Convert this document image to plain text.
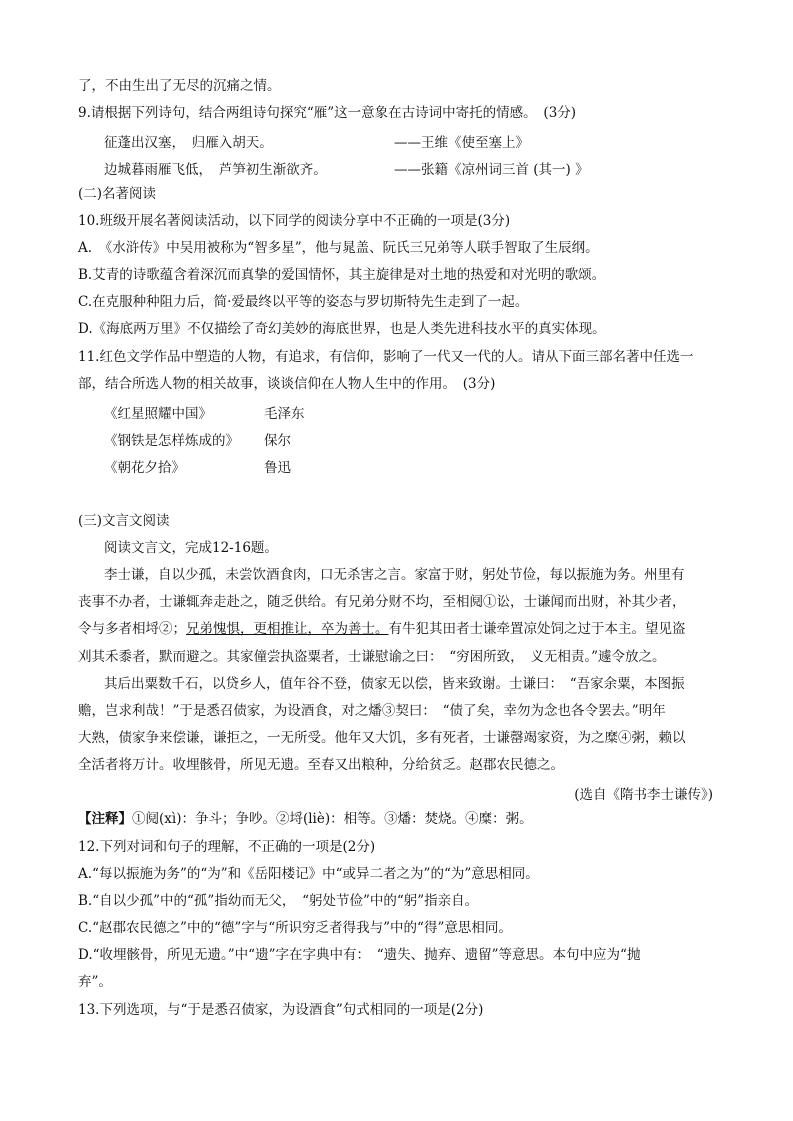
了，不由生出了无尽的沉痛之情。
9.请根据下列诗句，结合两组诗句探究“雁”这一意象在古诗词中寄托的情感。　(3分)
征蓬出汉塞，　归雁入胡天。	——王维《使至塞上》
边城暮雨雁飞低，　芦笋初生渐欲齐。	——张籍《凉州词三首 (其一) 》
(二)名著阅读
10.班级开展名著阅读活动，以下同学的阅读分享中不正确的一项是(3分)
A.　《水浒传》中吴用被称为“智多星”，他与晁盖、阮氏三兄弟等人联手智取了生辰纲。
B.艾青的诗歌蕴含着深沉而真挚的爱国情怀，其主旋律是对土地的热爱和对光明的歌颂。
C.在克服种种阻力后，简·爱最终以平等的姿态与罗切斯特先生走到了一起。
D.《海底两万里》不仅描绘了奇幻美妙的海底世界，也是人类先进科技水平的真实体现。
11.红色文学作品中塑造的人物，有追求，有信仰，影响了一代又一代的人。请从下面三部名著中任选一
部，结合所选人物的相关故事，谈谈信仰在人物人生中的作用。　(3分)
《红星照耀中国》	毛泽东
《钢铁是怎样炼成的》 保尔
《朝花夕拾》	鲁迅
(三)文言文阅读
阅读文言文，完成12-16题。
李士谦，自以少孤，未尝饮酒食肉，口无杀害之言。家富于财，躬处节俭，每以振施为务。州里有
丧事不办者，士谦辄奔走赴之，随乏供给。有兄弟分财不均，至相阋①讼，士谦闻而出财，补其少者，
令与多者相埒②；兄弟愧惧，更相推让，卒为善士。有牛犯其田者士谦牵置凉处饲之过于本主。望见盗
刈其禾黍者，默而避之。其家僮尝执盗粟者，士谦慰谕之曰：　“穷困所致，　义无相责。”遽令放之。
其后出粟数千石，以贷乡人，值年谷不登，债家无以偿，皆来致谢。士谦曰：　“吾家余粟，本图振
赡，岂求利哉！”于是悉召债家，为设酒食，对之燔③契曰：　“债了矣，幸勿为念也各令罢去。”明年
大熟，债家争来偿谦，谦拒之，一无所受。他年又大饥，多有死者，士谦罄竭家资，为之糜④粥，赖以
全活者将万计。收埋骸骨，所见无遗。至春又出粮种，分给贫乏。赵郡农民德之。
(选自《隋书李士谦传》)
【注释】①阋(xì)：争斗；争吵。②埒(liè)：相等。③燔：焚烧。④糜：粥。
12.下列对词和句子的理解，不正确的一项是(2分)
A.“每以振施为务”的“为”和《岳阳楼记》中“或异二者之为”的“为”意思相同。
B.“自以少孤”中的“孤”指幼而无父，　“躬处节俭”中的“躬”指亲自。
C.“赵郡农民德之”中的“德”字与“所识穷乏者得我与”中的“得”意思相同。
D.“收埋骸骨，所见无遗。”中“遗”字在字典中有：　“遗失、抛弃、遗留”等意思。本句中应为“抛
弃”。
13.下列选项，与“于是悉召债家，为设酒食”句式相同的一项是(2分)
